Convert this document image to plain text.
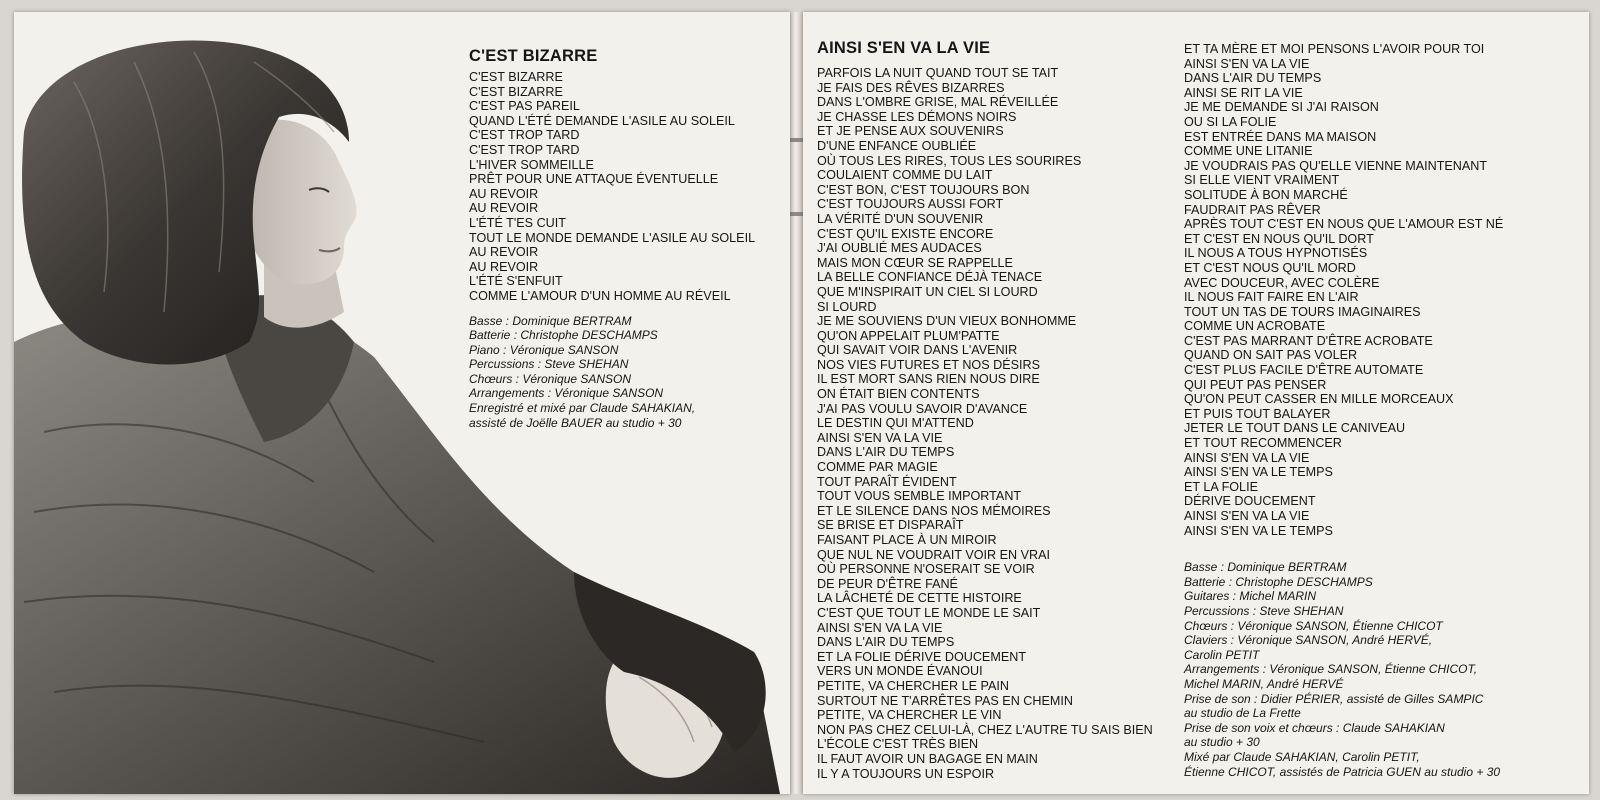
C'EST BIZARRE
C'EST BIZARRE
C'EST BIZARRE
C'EST PAS PAREIL
QUAND L'ÉTÉ DEMANDE L'ASILE AU SOLEIL
C'EST TROP TARD
C'EST TROP TARD
L'HIVER SOMMEILLE
PRÊT POUR UNE ATTAQUE ÉVENTUELLE
AU REVOIR
AU REVOIR
L'ÉTÉ T'ES CUIT
TOUT LE MONDE DEMANDE L'ASILE AU SOLEIL
AU REVOIR
AU REVOIR
L'ÉTÉ S'ENFUIT
COMME L'AMOUR D'UN HOMME AU RÉVEIL
Basse : Dominique BERTRAM
Batterie : Christophe DESCHAMPS
Piano : Véronique SANSON
Percussions : Steve SHEHAN
Chœurs : Véronique SANSON
Arrangements : Véronique SANSON
Enregistré et mixé par Claude SAHAKIAN,
assisté de Joëlle BAUER au studio + 30
AINSI S'EN VA LA VIE
PARFOIS LA NUIT QUAND TOUT SE TAIT
JE FAIS DES RÊVES BIZARRES
DANS L'OMBRE GRISE, MAL RÉVEILLÉE
JE CHASSE LES DÉMONS NOIRS
ET JE PENSE AUX SOUVENIRS
D'UNE ENFANCE OUBLIÉE
OÙ TOUS LES RIRES, TOUS LES SOURIRES
COULAIENT COMME DU LAIT
C'EST BON, C'EST TOUJOURS BON
C'EST TOUJOURS AUSSI FORT
LA VÉRITÉ D'UN SOUVENIR
C'EST QU'IL EXISTE ENCORE
J'AI OUBLIÉ MES AUDACES
MAIS MON CŒUR SE RAPPELLE
LA BELLE CONFIANCE DÉJÀ TENACE
QUE M'INSPIRAIT UN CIEL SI LOURD
SI LOURD
JE ME SOUVIENS D'UN VIEUX BONHOMME
QU'ON APPELAIT PLUM'PATTE
QUI SAVAIT VOIR DANS L'AVENIR
NOS VIES FUTURES ET NOS DÉSIRS
IL EST MORT SANS RIEN NOUS DIRE
ON ÉTAIT BIEN CONTENTS
J'AI PAS VOULU SAVOIR D'AVANCE
LE DESTIN QUI M'ATTEND
AINSI S'EN VA LA VIE
DANS L'AIR DU TEMPS
COMME PAR MAGIE
TOUT PARAÎT ÉVIDENT
TOUT VOUS SEMBLE IMPORTANT
ET LE SILENCE DANS NOS MÉMOIRES
SE BRISE ET DISPARAÎT
FAISANT PLACE À UN MIROIR
QUE NUL NE VOUDRAIT VOIR EN VRAI
OÙ PERSONNE N'OSERAIT SE VOIR
DE PEUR D'ÊTRE FANÉ
LA LÂCHETÉ DE CETTE HISTOIRE
C'EST QUE TOUT LE MONDE LE SAIT
AINSI S'EN VA LA VIE
DANS L'AIR DU TEMPS
ET LA FOLIE DÉRIVE DOUCEMENT
VERS UN MONDE ÉVANOUI
PETITE, VA CHERCHER LE PAIN
SURTOUT NE T'ARRÊTES PAS EN CHEMIN
PETITE, VA CHERCHER LE VIN
NON PAS CHEZ CELUI-LÀ, CHEZ L'AUTRE TU SAIS BIEN
L'ÉCOLE C'EST TRÈS BIEN
IL FAUT AVOIR UN BAGAGE EN MAIN
IL Y A TOUJOURS UN ESPOIR
ET TA MÈRE ET MOI PENSONS L'AVOIR POUR TOI
AINSI S'EN VA LA VIE
DANS L'AIR DU TEMPS
AINSI SE RIT LA VIE
JE ME DEMANDE SI J'AI RAISON
OU SI LA FOLIE
EST ENTRÉE DANS MA MAISON
COMME UNE LITANIE
JE VOUDRAIS PAS QU'ELLE VIENNE MAINTENANT
SI ELLE VIENT VRAIMENT
SOLITUDE À BON MARCHÉ
FAUDRAIT PAS RÊVER
APRÈS TOUT C'EST EN NOUS QUE L'AMOUR EST NÉ
ET C'EST EN NOUS QU'IL DORT
IL NOUS A TOUS HYPNOTISÉS
ET C'EST NOUS QU'IL MORD
AVEC DOUCEUR, AVEC COLÈRE
IL NOUS FAIT FAIRE EN L'AIR
TOUT UN TAS DE TOURS IMAGINAIRES
COMME UN ACROBATE
C'EST PAS MARRANT D'ÊTRE ACROBATE
QUAND ON SAIT PAS VOLER
C'EST PLUS FACILE D'ÊTRE AUTOMATE
QUI PEUT PAS PENSER
QU'ON PEUT CASSER EN MILLE MORCEAUX
ET PUIS TOUT BALAYER
JETER LE TOUT DANS LE CANIVEAU
ET TOUT RECOMMENCER
AINSI S'EN VA LA VIE
AINSI S'EN VA LE TEMPS
ET LA FOLIE
DÉRIVE DOUCEMENT
AINSI S'EN VA LA VIE
AINSI S'EN VA LE TEMPS
Basse : Dominique BERTRAM
Batterie : Christophe DESCHAMPS
Guitares : Michel MARIN
Percussions : Steve SHEHAN
Chœurs : Véronique SANSON, Étienne CHICOT
Claviers : Véronique SANSON, André HERVÉ,
Carolin PETIT
Arrangements : Véronique SANSON, Étienne CHICOT,
Michel MARIN, André HERVÉ
Prise de son : Didier PÉRIER, assisté de Gilles SAMPIC
au studio de La Frette
Prise de son voix et chœurs : Claude SAHAKIAN
au studio + 30
Mixé par Claude SAHAKIAN, Carolin PETIT,
Étienne CHICOT, assistés de Patricia GUEN au studio + 30
